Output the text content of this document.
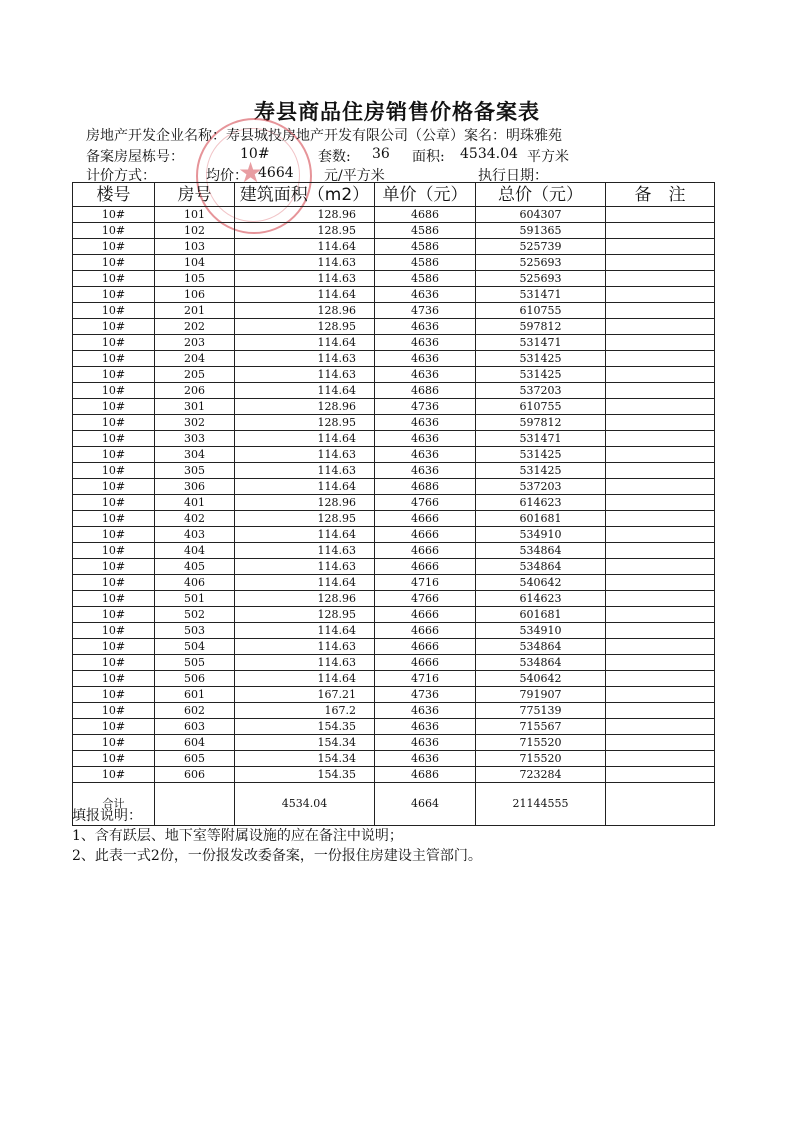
寿县商品住房销售价格备案表
★
房地产开发企业名称：寿县城投房地产开发有限公司（公章）案名：明珠雅苑
备案房屋栋号：	10#	套数: 36 面积: 4534.04 平方米
计价方式：	均价： 4664 元/平方米	执行日期：
楼号	房号	建筑面积（m2）	单价（元）	总价（元）	备　注
10#	101	128.96	4686	604307	
10#	102	128.95	4586	591365	
10#	103	114.64	4586	525739	
10#	104	114.63	4586	525693	
10#	105	114.63	4586	525693	
10#	106	114.64	4636	531471	
10#	201	128.96	4736	610755	
10#	202	128.95	4636	597812	
10#	203	114.64	4636	531471	
10#	204	114.63	4636	531425	
10#	205	114.63	4636	531425	
10#	206	114.64	4686	537203	
10#	301	128.96	4736	610755	
10#	302	128.95	4636	597812	
10#	303	114.64	4636	531471	
10#	304	114.63	4636	531425	
10#	305	114.63	4636	531425	
10#	306	114.64	4686	537203	
10#	401	128.96	4766	614623	
10#	402	128.95	4666	601681	
10#	403	114.64	4666	534910	
10#	404	114.63	4666	534864	
10#	405	114.63	4666	534864	
10#	406	114.64	4716	540642	
10#	501	128.96	4766	614623	
10#	502	128.95	4666	601681	
10#	503	114.64	4666	534910	
10#	504	114.63	4666	534864	
10#	505	114.63	4666	534864	
10#	506	114.64	4716	540642	
10#	601	167.21	4736	791907	
10#	602	167.2	4636	775139	
10#	603	154.35	4636	715567	
10#	604	154.34	4636	715520	
10#	605	154.34	4636	715520	
10#	606	154.35	4686	723284	
合计		4534.04	4664	21144555	
填报说明：
1、含有跃层、地下室等附属设施的应在备注中说明；
2、此表一式2份，一份报发改委备案，一份报住房建设主管部门。
